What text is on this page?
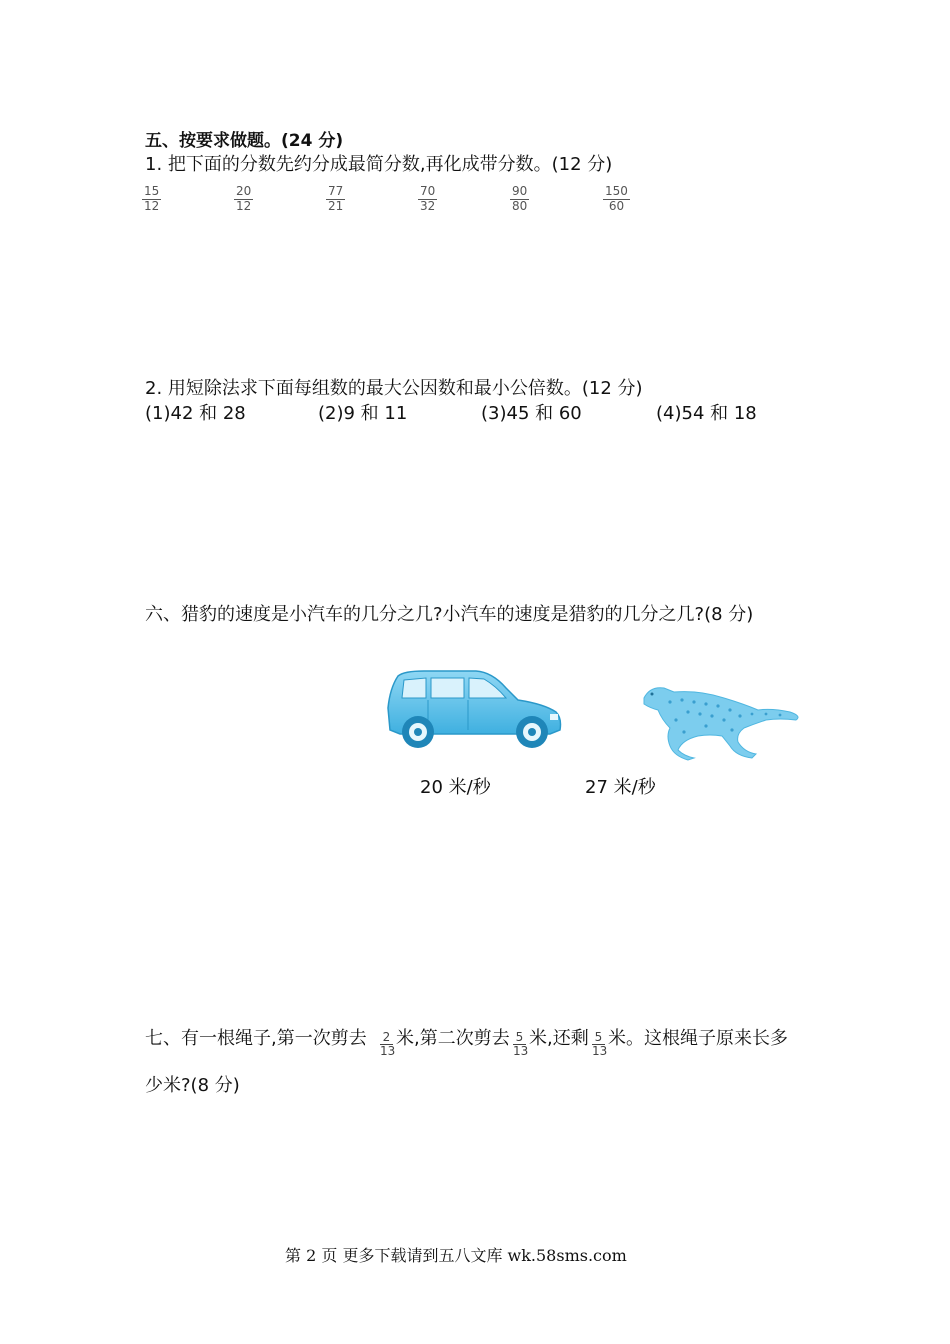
五、按要求做题。(24 分)
1. 把下面的分数先约分成最简分数,再化成带分数。(12 分)
15
12
20
12
77
21
70
32
90
80
150
60
2. 用短除法求下面每组数的最大公因数和最小公倍数。(12 分)
(1)42 和 28	(2)9 和 11	(3)45 和 60	(4)54 和 18
六、猎豹的速度是小汽车的几分之几?小汽车的速度是猎豹的几分之几?(8 分)
20 米/秒	27 米/秒
七、有一根绳子,第一次剪去 2
13
米,第二次剪去 5
13
米,还剩 5
13
米。这根绳子原来长多
少米?(8 分)
第 2 页 更多下载请到五八文库 wk.58sms.com
